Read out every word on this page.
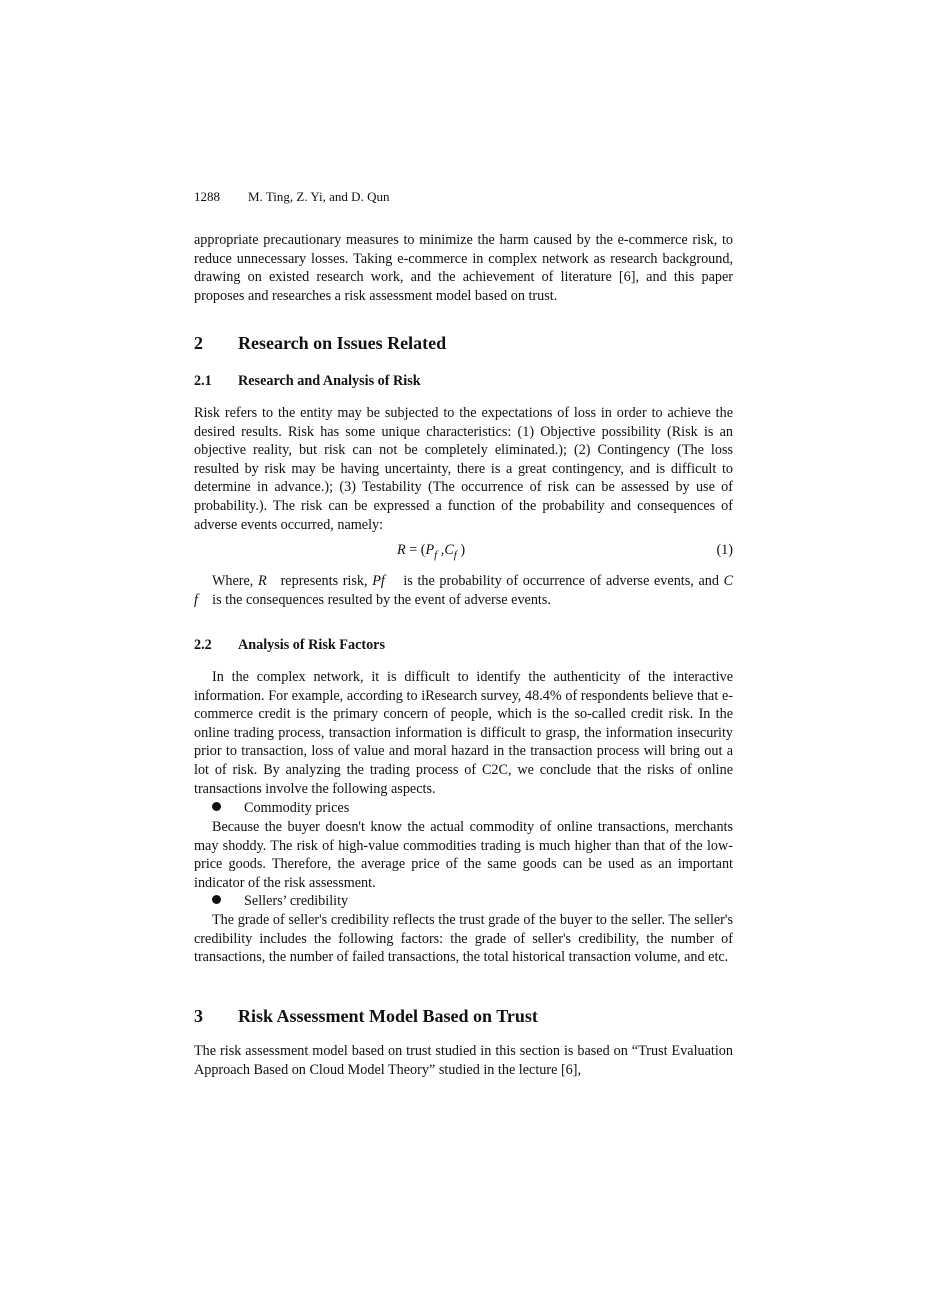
1288 M. Ting, Z. Yi, and D. Qun

appropriate precautionary measures to minimize the harm caused by the e-commerce risk, to reduce unnecessary losses. Taking e-commerce in complex network as research background, drawing on existed research work, and the achievement of literature [6], and this paper proposes and researches a risk assessment model based on trust.

2 Research on Issues Related
2.1 Research and Analysis of Risk

Risk refers to the entity may be subjected to the expectations of loss in order to achieve the desired results. Risk has some unique characteristics: (1) Objective possibility (Risk is an objective reality, but risk can not be completely eliminated.); (2) Contingency (The loss resulted by risk may be having uncertainty, there is a great contingency, and is difficult to determine in advance.); (3) Testability (The occurrence of risk can be assessed by use of probability.). The risk can be expressed a function of the probability and consequences of adverse events occurred, namely:

$R = (P_f$ $,C_f$ )	(1)

Where, R represents risk, Pf is the probability of occurrence of adverse events, and C f is the consequences resulted by the event of adverse events.

2.2 Analysis of Risk Factors

In the complex network, it is difficult to identify the authenticity of the interactive information. For example, according to iResearch survey, 48.4% of respondents believe that e-commerce credit is the primary concern of people, which is the so-called credit risk. In the online trading process, transaction information is difficult to grasp, the information insecurity prior to transaction, loss of value and moral hazard in the transaction process will bring out a lot of risk. By analyzing the trading process of C2C, we conclude that the risks of online transactions involve the following aspects.

Commodity prices

Because the buyer doesn't know the actual commodity of online transactions, merchants may shoddy. The risk of high-value commodities trading is much higher than that of the low-price goods. Therefore, the average price of the same goods can be used as an important indicator of the risk assessment.

Sellers’ credibility

The grade of seller's credibility reflects the trust grade of the buyer to the seller. The seller's credibility includes the following factors: the grade of seller's credibility, the number of transactions, the number of failed transactions, the total historical transaction volume, and etc.

3 Risk Assessment Model Based on Trust

The risk assessment model based on trust studied in this section is based on “Trust Evaluation Approach Based on Cloud Model Theory” studied in the lecture [6],
